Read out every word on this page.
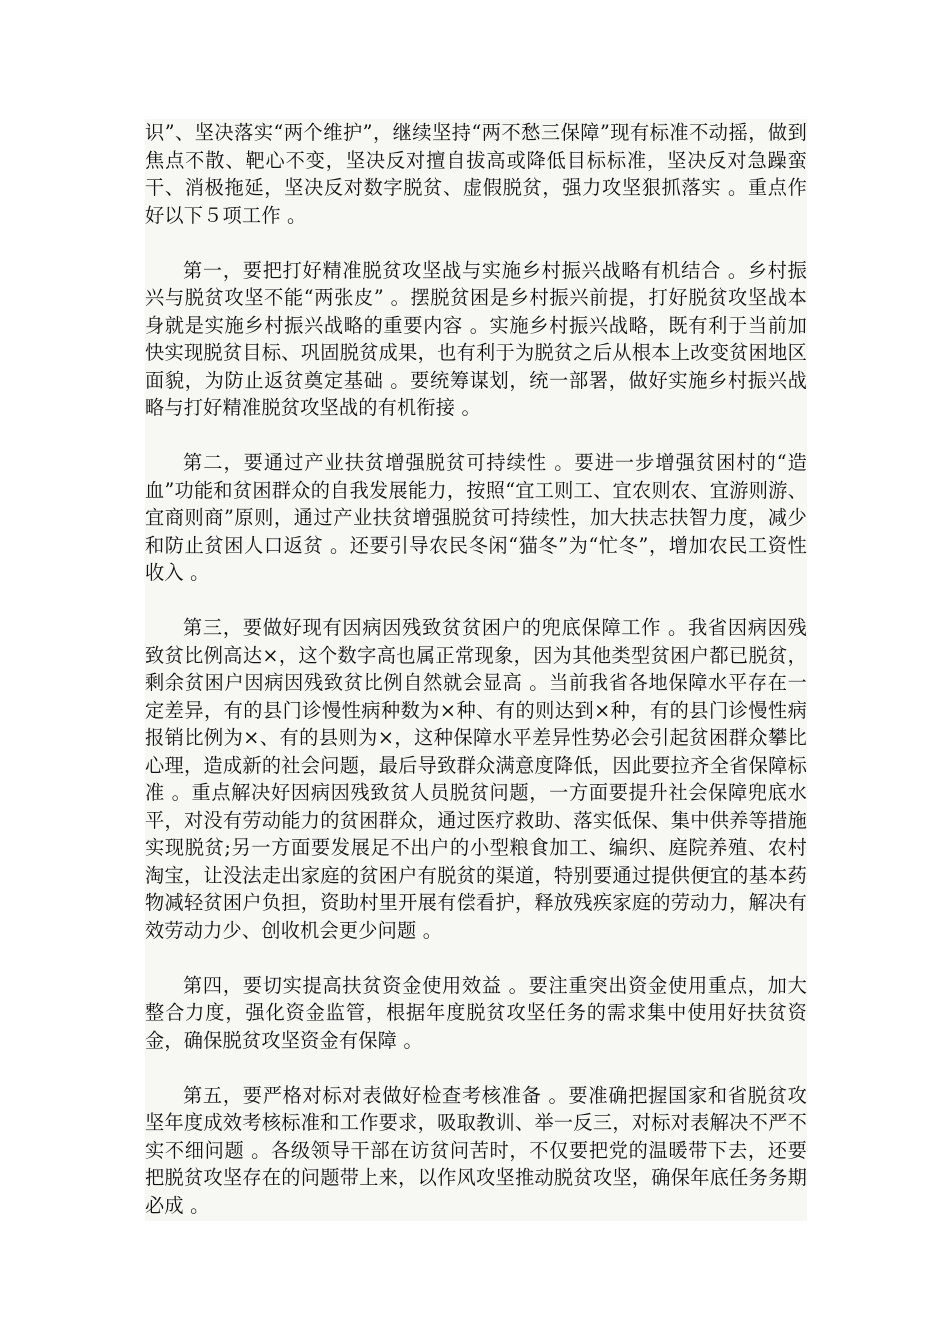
识”、坚决落实“两个维护”，继续坚持“两不愁三保障”现有标准不动摇，做到焦点不散、靶心不变，坚决反对擅自拔高或降低目标标准，坚决反对急躁蛮干、消极拖延，坚决反对数字脱贫、虚假脱贫，强力攻坚狠抓落实 。重点作好以下５项工作 。

第一，要把打好精准脱贫攻坚战与实施乡村振兴战略有机结合 。乡村振兴与脱贫攻坚不能“两张皮” 。摆脱贫困是乡村振兴前提，打好脱贫攻坚战本身就是实施乡村振兴战略的重要内容 。实施乡村振兴战略，既有利于当前加快实现脱贫目标、巩固脱贫成果，也有利于为脱贫之后从根本上改变贫困地区面貌，为防止返贫奠定基础 。要统筹谋划，统一部署，做好实施乡村振兴战略与打好精准脱贫攻坚战的有机衔接 。

第二，要通过产业扶贫增强脱贫可持续性 。要进一步增强贫困村的“造血”功能和贫困群众的自我发展能力，按照“宜工则工、宜农则农、宜游则游、宜商则商”原则，通过产业扶贫增强脱贫可持续性，加大扶志扶智力度，减少和防止贫困人口返贫 。还要引导农民冬闲“猫冬”为“忙冬”，增加农民工资性收入 。

第三，要做好现有因病因残致贫贫困户的兜底保障工作 。我省因病因残致贫比例高达×，这个数字高也属正常现象，因为其他类型贫困户都已脱贫，剩余贫困户因病因残致贫比例自然就会显高 。当前我省各地保障水平存在一定差异，有的县门诊慢性病种数为×种、有的则达到×种，有的县门诊慢性病报销比例为×、有的县则为×，这种保障水平差异性势必会引起贫困群众攀比心理，造成新的社会问题，最后导致群众满意度降低，因此要拉齐全省保障标准 。重点解决好因病因残致贫人员脱贫问题，一方面要提升社会保障兜底水平，对没有劳动能力的贫困群众，通过医疗救助、落实低保、集中供养等措施实现脱贫;另一方面要发展足不出户的小型粮食加工、编织、庭院养殖、农村淘宝，让没法走出家庭的贫困户有脱贫的渠道，特别要通过提供便宜的基本药物减轻贫困户负担，资助村里开展有偿看护，释放残疾家庭的劳动力，解决有效劳动力少、创收机会更少问题 。

第四，要切实提高扶贫资金使用效益 。要注重突出资金使用重点，加大整合力度，强化资金监管，根据年度脱贫攻坚任务的需求集中使用好扶贫资金，确保脱贫攻坚资金有保障 。

第五，要严格对标对表做好检查考核准备 。要准确把握国家和省脱贫攻坚年度成效考核标准和工作要求，吸取教训、举一反三，对标对表解决不严不实不细问题 。各级领导干部在访贫问苦时，不仅要把党的温暖带下去，还要把脱贫攻坚存在的问题带上来，以作风攻坚推动脱贫攻坚，确保年底任务务期必成 。
